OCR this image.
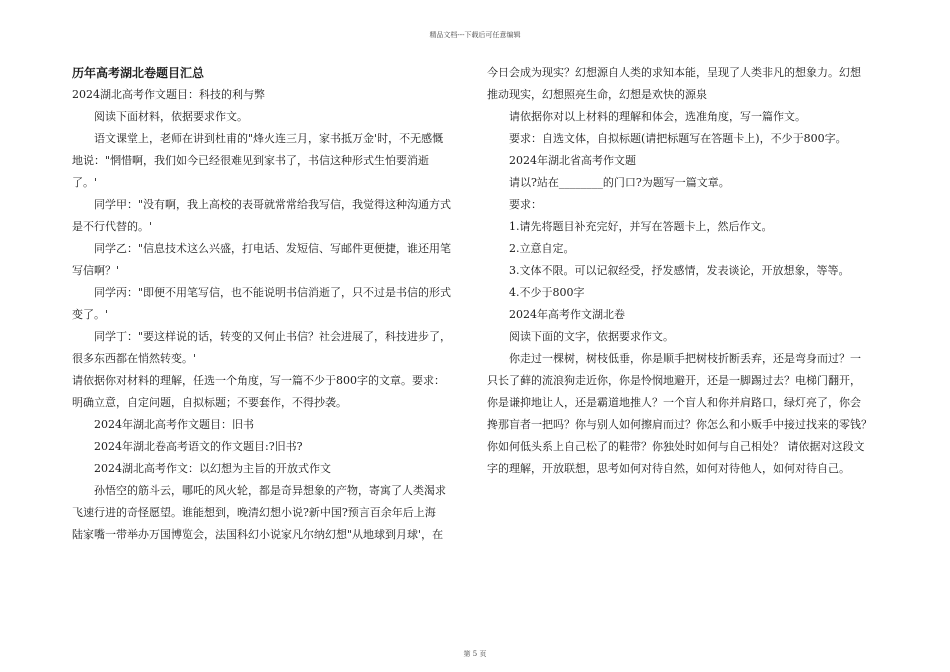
精品文档---下载后可任意编辑
历年高考湖北卷题目汇总
2024湖北高考作文题目：科技的利与弊
阅读下面材料，依据要求作文。
语文课堂上，老师在讲到杜甫的"烽火连三月，家书抵万金'时，不无感慨
地说："惘惜啊，我们如今已经很难见到家书了，书信这种形式生怕要消逝
了。'
同学甲："没有啊，我上高校的表哥就常常给我写信，我觉得这种沟通方式
是不行代替的。'
同学乙："信息技术这么兴盛，打电话、发短信、写邮件更便捷，谁还用笔
写信啊？'
同学丙："即便不用笔写信，也不能说明书信消逝了，只不过是书信的形式
变了。'
同学丁："要这样说的话，转变的又何止书信？社会进展了，科技进步了，
很多东西都在悄然转变。'
请依据你对材料的理解，任选一个角度，写一篇不少于800字的文章。要求：
明确立意，自定问题，自拟标题；不要套作，不得抄袭。
2024年湖北高考作文题目：旧书
2024年湖北卷高考语文的作文题目:?旧书?
2024湖北高考作文：以幻想为主旨的开放式作文
孙悟空的筋斗云，哪吒的风火轮，都是奇异想象的产物，寄寓了人类渴求
飞速行进的奇怪愿望。谁能想到，晚清幻想小说?新中国?预言百余年后上海
陆家嘴一带举办万国博览会，法国科幻小说家凡尔纳幻想"从地球到月球'，在
今日会成为现实？幻想源自人类的求知本能，呈现了人类非凡的想象力。幻想
推动现实，幻想照亮生命，幻想是欢快的源泉
请依据你对以上材料的理解和体会，选准角度，写一篇作文。
要求：自选文体，自拟标题(请把标题写在答题卡上)，不少于800字。
2024年湖北省高考作文题
请以?站在________的门口?为题写一篇文章。
要求：
1.请先将题目补充完好，并写在答题卡上，然后作文。
2.立意自定。
3.文体不限。可以记叙经受，抒发感情，发表谈论，开放想象，等等。
4.不少于800字
2024年高考作文湖北卷
阅读下面的文字，依据要求作文。
你走过一棵树，树枝低垂，你是顺手把树枝折断丢弃，还是弯身而过？一
只长了藓的流浪狗走近你，你是怜悯地避开，还是一脚踢过去？电梯门翻开，
你是谦抑地让人，还是霸道地推人？一个盲人和你并肩路口，绿灯亮了，你会
搀那盲者一把吗？你与别人如何擦肩而过？你怎么和小贩手中接过找来的零钱？
你如何低头系上自己松了的鞋带？你独处时如何与自己相处？ 请依据对这段文
字的理解，开放联想，思考如何对待自然，如何对待他人，如何对待自己。
第 5 页
